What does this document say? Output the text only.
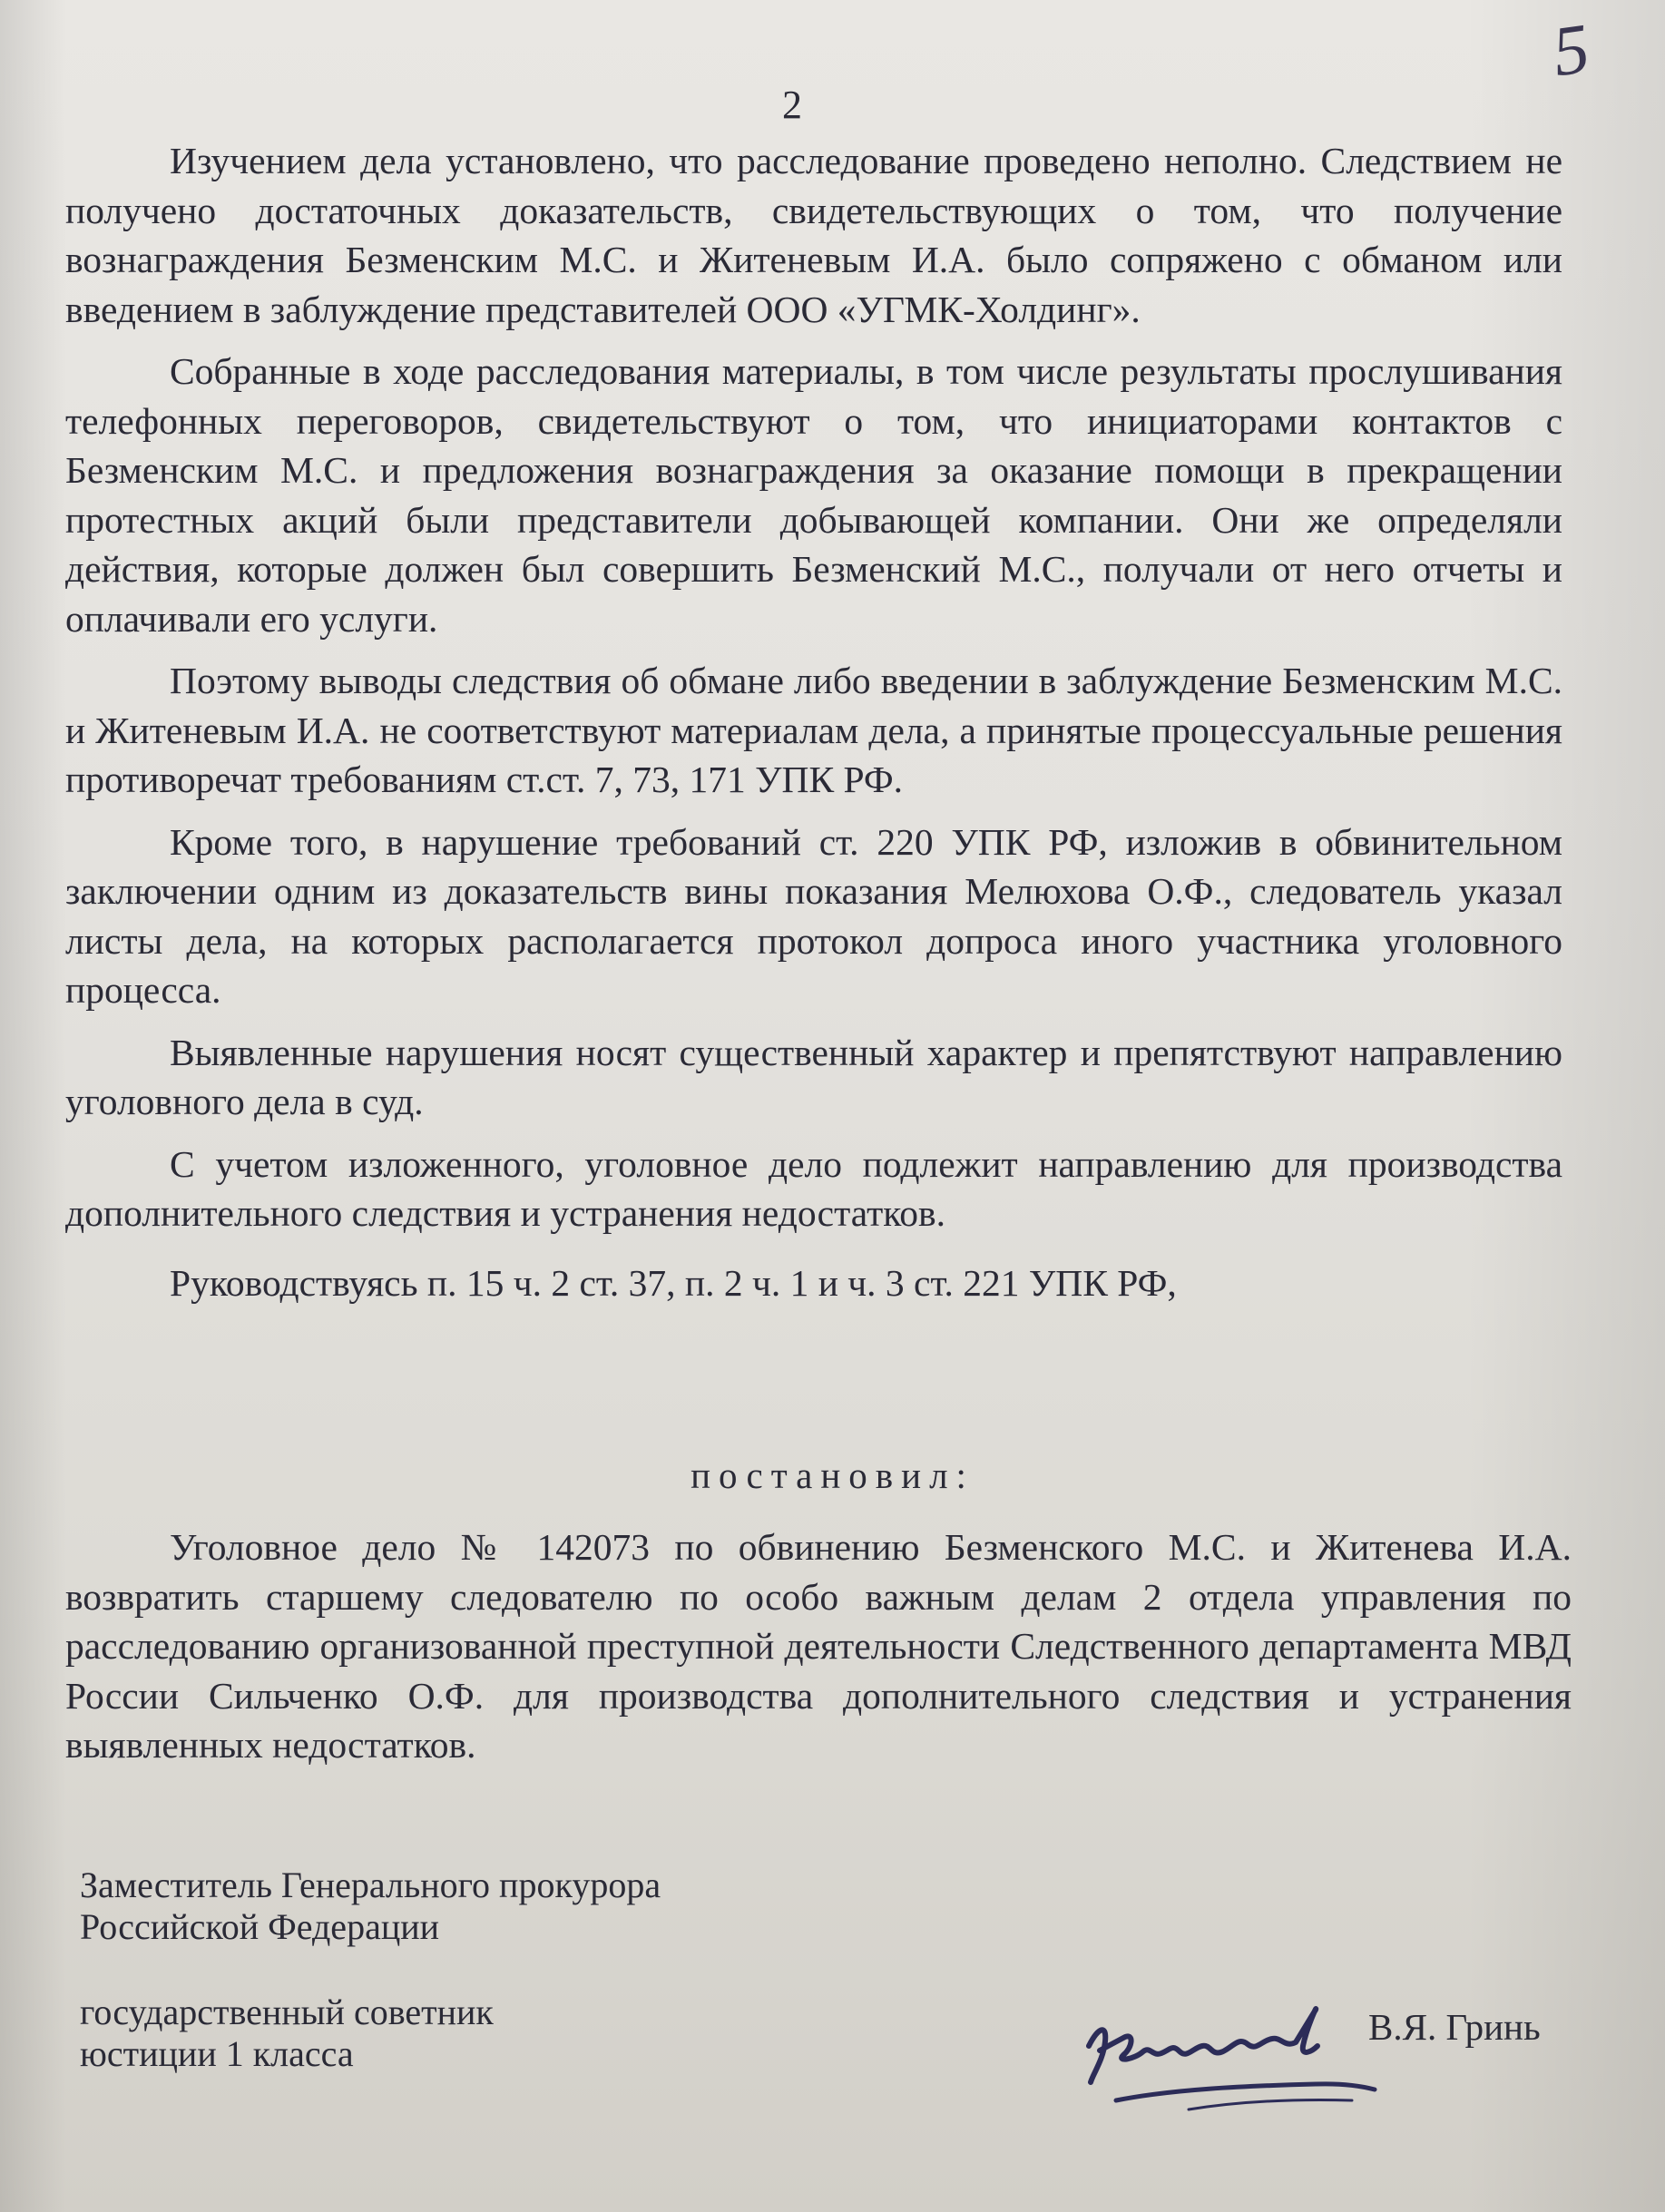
5
2

Изучением дела установлено, что расследование проведено неполно. Следствием не получено достаточных доказательств, свидетельствующих о том, что получение вознаграждения Безменским М.С. и Житеневым И.А. было сопряжено с обманом или введением в заблуждение представителей ООО «УГМК-Холдинг».

Собранные в ходе расследования материалы, в том числе результаты прослушивания телефонных переговоров, свидетельствуют о том, что инициаторами контактов с Безменским М.С. и предложения вознаграждения за оказание помощи в прекращении протестных акций были представители добывающей компании. Они же определяли действия, которые должен был совершить Безменский М.С., получали от него отчеты и оплачивали его услуги.

Поэтому выводы следствия об обмане либо введении в заблуждение Безменским М.С. и Житеневым И.А. не соответствуют материалам дела, а принятые процессуальные решения противоречат требованиям ст.ст. 7, 73, 171 УПК РФ.

Кроме того, в нарушение требований ст. 220 УПК РФ, изложив в обвинительном заключении одним из доказательств вины показания Мелюхова О.Ф., следователь указал листы дела, на которых располагается протокол допроса иного участника уголовного процесса.

Выявленные нарушения носят существенный характер и препятствуют направлению уголовного дела в суд.

С учетом изложенного, уголовное дело подлежит направлению для производства дополнительного следствия и устранения недостатков.

Руководствуясь п. 15 ч. 2 ст. 37, п. 2 ч. 1 и ч. 3 ст. 221 УПК РФ,

постановил:

Уголовное дело № 142073 по обвинению Безменского М.С. и Житенева И.А. возвратить старшему следователю по особо важным делам 2 отдела управления по расследованию организованной преступной деятельности Следственного департамента МВД России Сильченко О.Ф. для производства дополнительного следствия и устранения выявленных недостатков.

Заместитель Генерального прокурора
Российской Федерации
государственный советник
юстиции 1 класса
В.Я. Гринь
